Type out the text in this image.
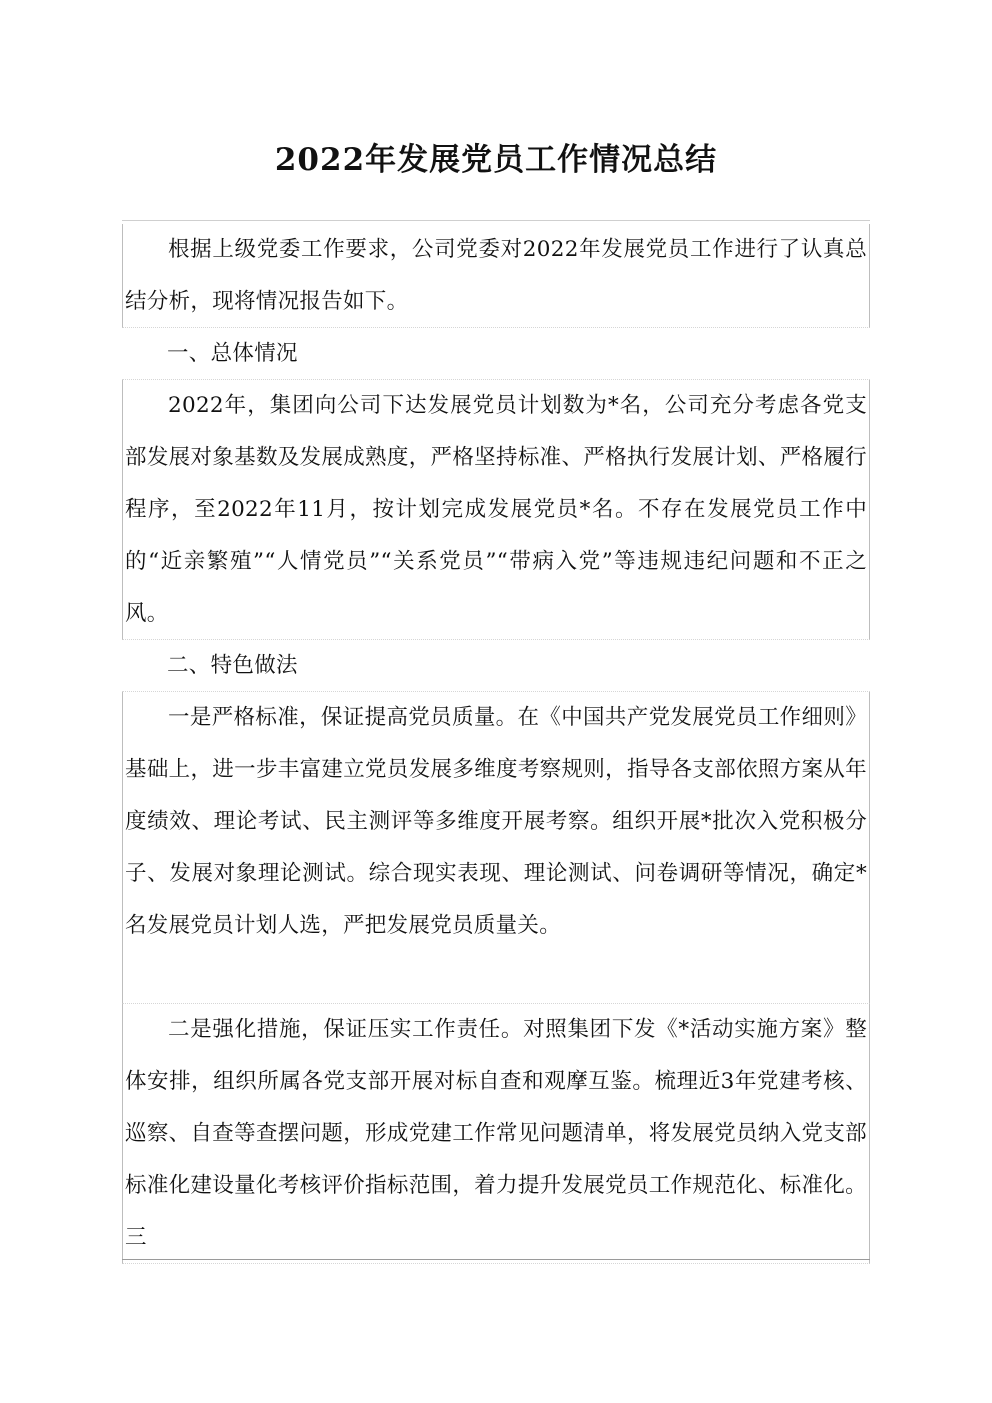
2022年发展党员工作情况总结

根据上级党委工作要求，公司党委对2022年发展党员工作进行了认真总结分析，现将情况报告如下。

一、总体情况

2022年，集团向公司下达发展党员计划数为*名，公司充分考虑各党支部发展对象基数及发展成熟度，严格坚持标准、严格执行发展计划、严格履行程序，至2022年11月，按计划完成发展党员*名。不存在发展党员工作中的“近亲繁殖”“人情党员”“关系党员”“带病入党”等违规违纪问题和不正之风。

二、特色做法

一是严格标准，保证提高党员质量。在《中国共产党发展党员工作细则》基础上，进一步丰富建立党员发展多维度考察规则，指导各支部依照方案从年度绩效、理论考试、民主测评等多维度开展考察。组织开展*批次入党积极分子、发展对象理论测试。综合现实表现、理论测试、问卷调研等情况，确定*名发展党员计划人选，严把发展党员质量关。

二是强化措施，保证压实工作责任。对照集团下发《*活动实施方案》整体安排，组织所属各党支部开展对标自查和观摩互鉴。梳理近3年党建考核、巡察、自查等查摆问题，形成党建工作常见问题清单，将发展党员纳入党支部标准化建设量化考核评价指标范围，着力提升发展党员工作规范化、标准化。三
